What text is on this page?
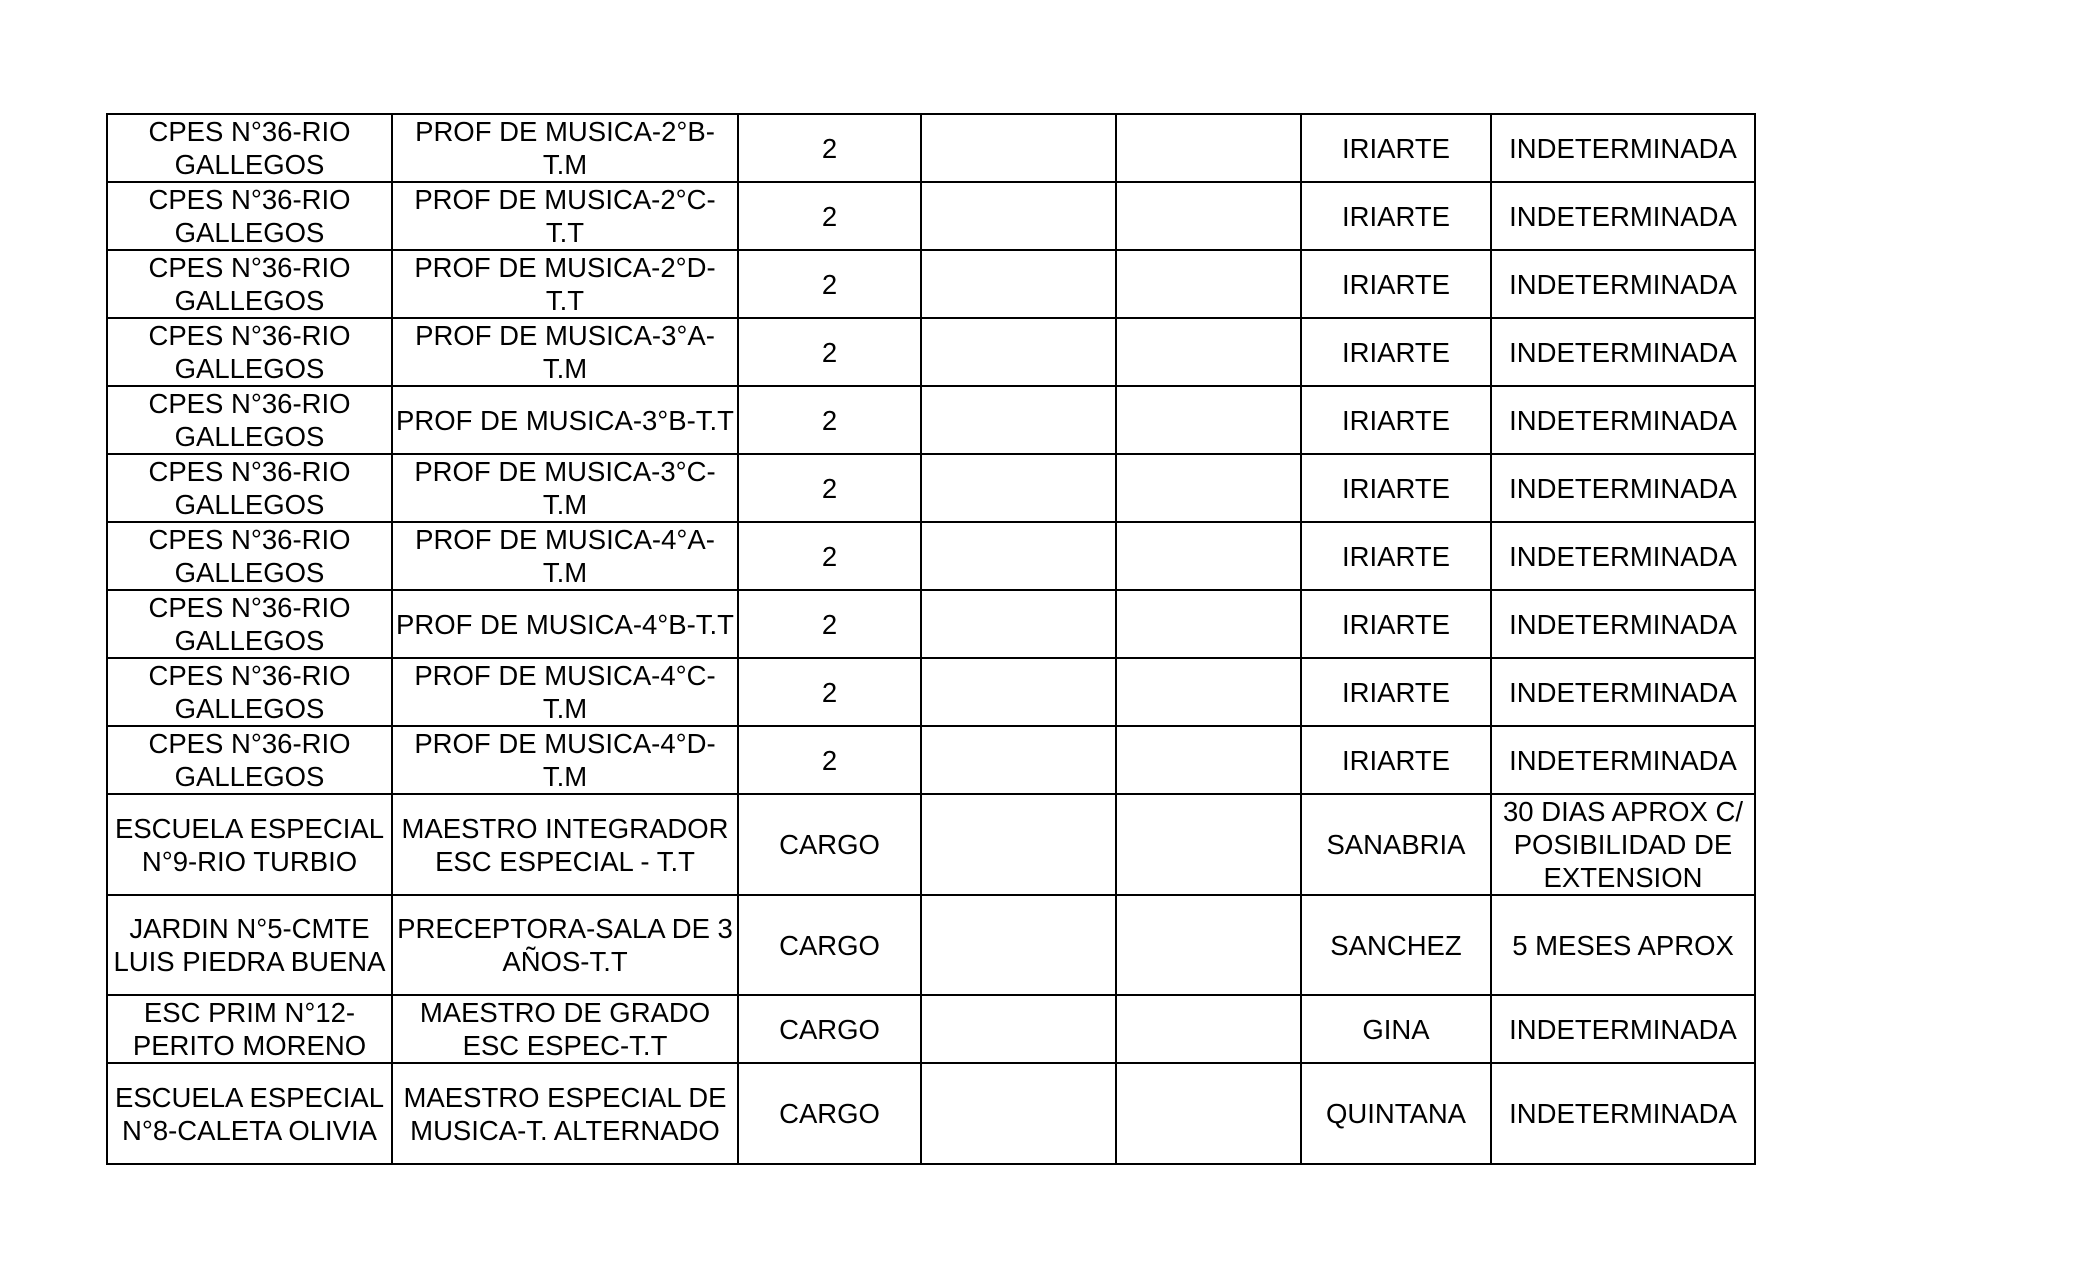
CPES N°36-RIO GALLEGOS	PROF DE MUSICA-2°B-T.M	2			IRIARTE	INDETERMINADA
CPES N°36-RIO GALLEGOS	PROF DE MUSICA-2°C-T.T	2			IRIARTE	INDETERMINADA
CPES N°36-RIO GALLEGOS	PROF DE MUSICA-2°D-T.T	2			IRIARTE	INDETERMINADA
CPES N°36-RIO GALLEGOS	PROF DE MUSICA-3°A-T.M	2			IRIARTE	INDETERMINADA
CPES N°36-RIO GALLEGOS	PROF DE MUSICA-3°B-T.T	2			IRIARTE	INDETERMINADA
CPES N°36-RIO GALLEGOS	PROF DE MUSICA-3°C-T.M	2			IRIARTE	INDETERMINADA
CPES N°36-RIO GALLEGOS	PROF DE MUSICA-4°A-T.M	2			IRIARTE	INDETERMINADA
CPES N°36-RIO GALLEGOS	PROF DE MUSICA-4°B-T.T	2			IRIARTE	INDETERMINADA
CPES N°36-RIO GALLEGOS	PROF DE MUSICA-4°C-T.M	2			IRIARTE	INDETERMINADA
CPES N°36-RIO GALLEGOS	PROF DE MUSICA-4°D-T.M	2			IRIARTE	INDETERMINADA
ESCUELA ESPECIAL N°9-RIO TURBIO	MAESTRO INTEGRADOR ESC ESPECIAL - T.T	CARGO			SANABRIA	30 DIAS APROX C/ POSIBILIDAD DE EXTENSION
JARDIN N°5-CMTE LUIS PIEDRA BUENA	PRECEPTORA-SALA DE 3 AÑOS-T.T	CARGO			SANCHEZ	5 MESES APROX
ESC PRIM N°12-PERITO MORENO	MAESTRO DE GRADO ESC ESPEC-T.T	CARGO			GINA	INDETERMINADA
ESCUELA ESPECIAL N°8-CALETA OLIVIA	MAESTRO ESPECIAL DE MUSICA-T. ALTERNADO	CARGO			QUINTANA	INDETERMINADA
